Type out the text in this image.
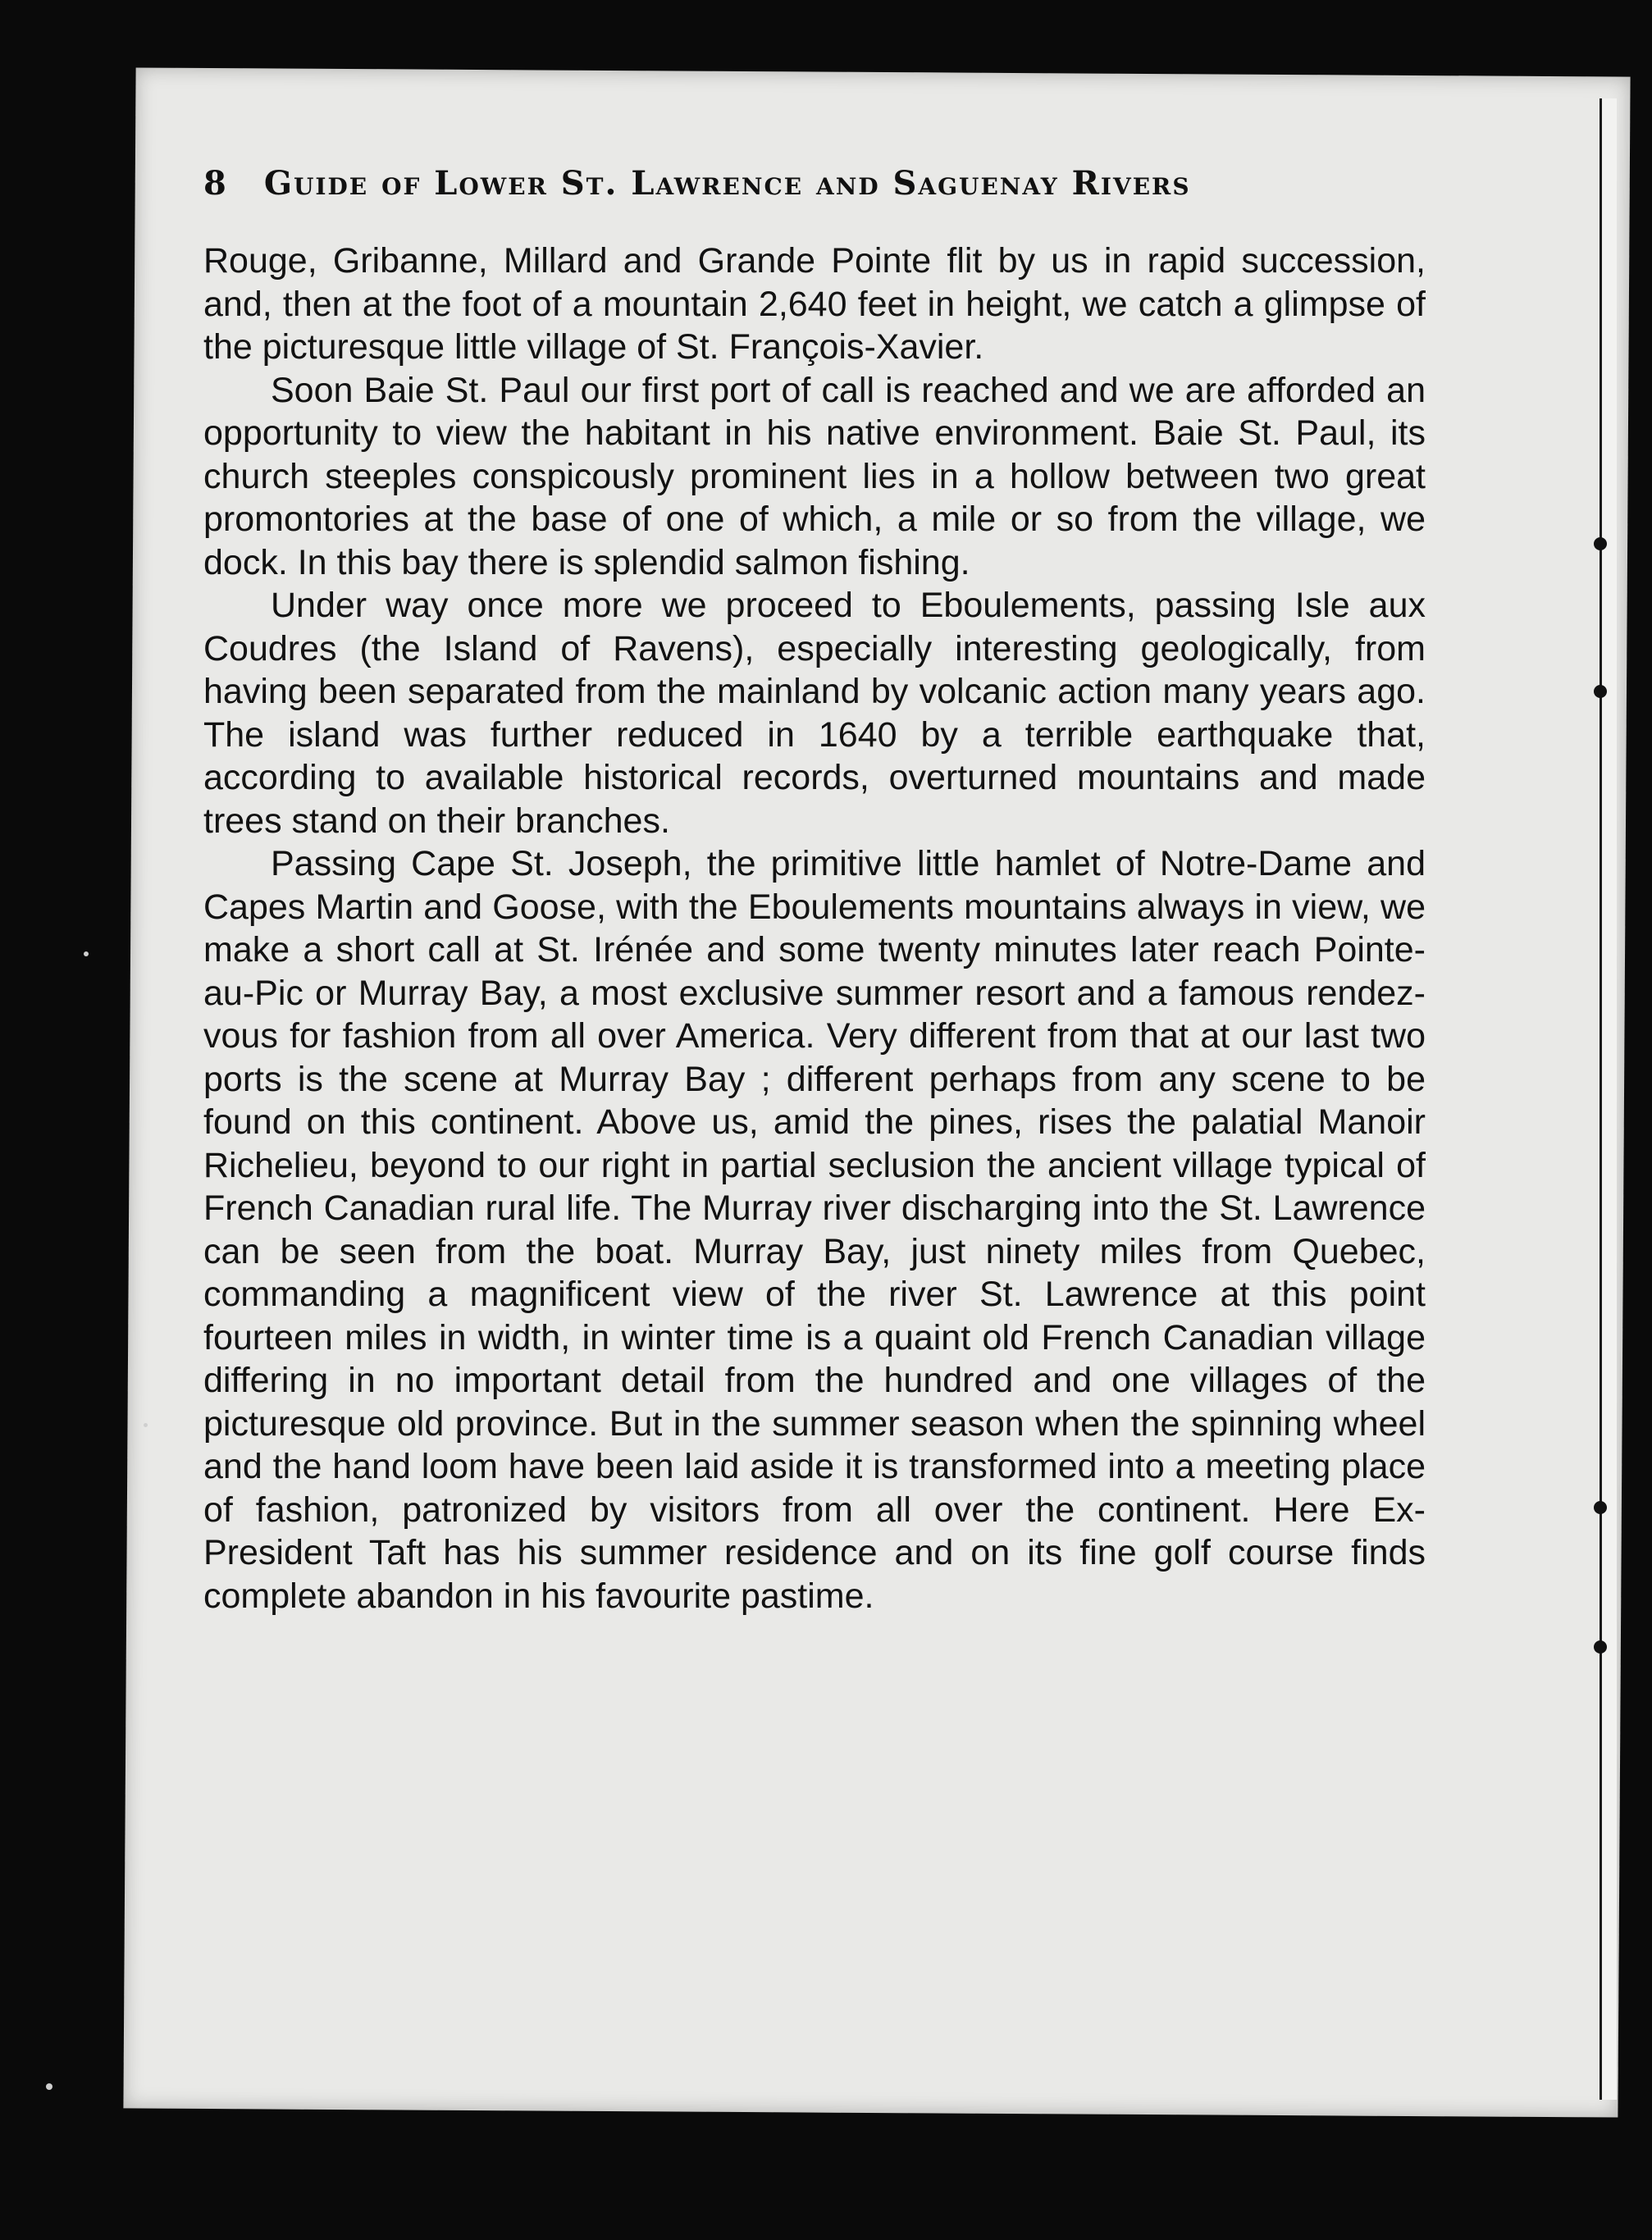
8 Guide of Lower St. Lawrence and Saguenay Rivers

Rouge, Gribanne, Millard and Grande Pointe flit by us in rapid succession, and, then at the foot of a mountain 2,640 feet in height, we catch a glimpse of the picturesque little village of St. François-Xavier.

Soon Baie St. Paul our first port of call is reached and we are afforded an opportunity to view the habitant in his native environment. Baie St. Paul, its church steeples conspicously prominent lies in a hollow between two great promontories at the base of one of which, a mile or so from the village, we dock. In this bay there is splendid salmon fishing.

Under way once more we proceed to Eboulements, passing Isle aux Coudres (the Island of Ravens), especially interesting geologically, from having been separated from the mainland by volcanic action many years ago. The island was further reduced in 1640 by a terrible earthquake that, according to available historical records, overturned mountains and made trees stand on their branches.

Passing Cape St. Joseph, the primitive little hamlet of Notre-Dame and Capes Martin and Goose, with the Eboulements mountains always in view, we make a short call at St. Irénée and some twenty minutes later reach Pointe-au-Pic or Murray Bay, a most exclusive summer resort and a famous rendez-vous for fashion from all over America. Very different from that at our last two ports is the scene at Murray Bay ; different perhaps from any scene to be found on this continent. Above us, amid the pines, rises the palatial Manoir Richelieu, beyond to our right in partial seclusion the ancient village typical of French Canadian rural life. The Murray river discharging into the St. Lawrence can be seen from the boat. Murray Bay, just ninety miles from Quebec, commanding a magnificent view of the river St. Lawrence at this point fourteen miles in width, in winter time is a quaint old French Canadian village differing in no important detail from the hundred and one villages of the picturesque old province. But in the summer season when the spinning wheel and the hand loom have been laid aside it is transformed into a meeting place of fashion, patronized by visitors from all over the continent. Here Ex-President Taft has his summer residence and on its fine golf course finds complete abandon in his favourite pastime.
